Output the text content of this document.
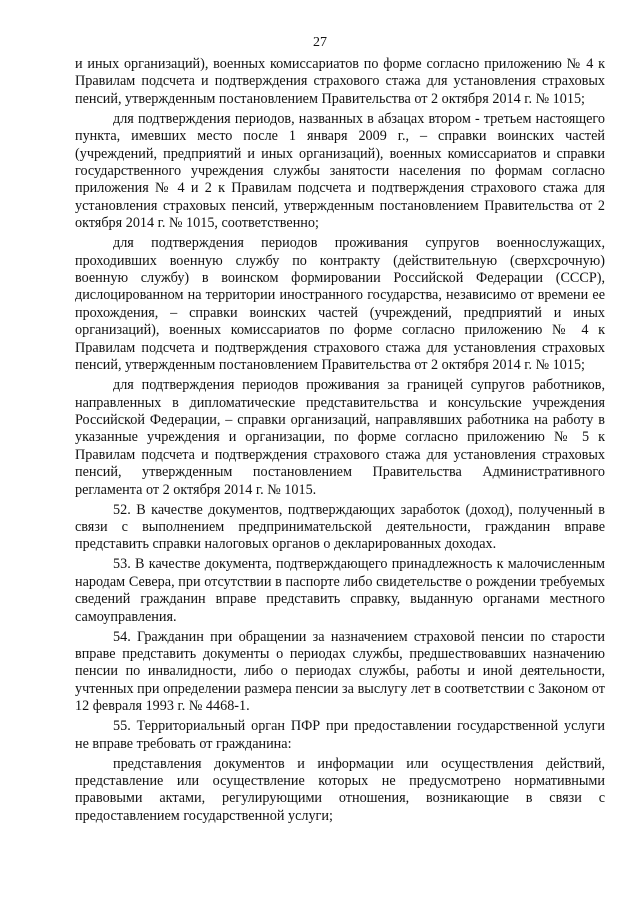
27

и иных организаций), военных комиссариатов по форме согласно приложению № 4 к Правилам подсчета и подтверждения страхового стажа для установления страховых пенсий, утвержденным постановлением Правительства от 2 октября 2014 г. № 1015;

для подтверждения периодов, названных в абзацах втором - третьем настоящего пункта, имевших место после 1 января 2009 г., – справки воинских частей (учреждений, предприятий и иных организаций), военных комиссариатов и справки государственного учреждения службы занятости населения по формам согласно приложения № 4 и 2 к Правилам подсчета и подтверждения страхового стажа для установления страховых пенсий, утвержденным постановлением Правительства от 2 октября 2014 г. № 1015, соответственно;

для подтверждения периодов проживания супругов военнослужащих, проходивших военную службу по контракту (действительную (сверхсрочную) военную службу) в воинском формировании Российской Федерации (СССР), дислоцированном на территории иностранного государства, независимо от времени ее прохождения, – справки воинских частей (учреждений, предприятий и иных организаций), военных комиссариатов по форме согласно приложению № 4 к Правилам подсчета и подтверждения страхового стажа для установления страховых пенсий, утвержденным постановлением Правительства от 2 октября 2014 г. № 1015;

для подтверждения периодов проживания за границей супругов работников, направленных в дипломатические представительства и консульские учреждения Российской Федерации, – справки организаций, направлявших работника на работу в указанные учреждения и организации, по форме согласно приложению № 5 к Правилам подсчета и подтверждения страхового стажа для установления страховых пенсий, утвержденным постановлением Правительства Административного регламента от 2 октября 2014 г. № 1015.

52. В качестве документов, подтверждающих заработок (доход), полученный в связи с выполнением предпринимательской деятельности, гражданин вправе представить справки налоговых органов о декларированных доходах.

53. В качестве документа, подтверждающего принадлежность к малочисленным народам Севера, при отсутствии в паспорте либо свидетельстве о рождении требуемых сведений гражданин вправе представить справку, выданную органами местного самоуправления.

54. Гражданин при обращении за назначением страховой пенсии по старости вправе представить документы о периодах службы, предшествовавших назначению пенсии по инвалидности, либо о периодах службы, работы и иной деятельности, учтенных при определении размера пенсии за выслугу лет в соответствии с Законом от 12 февраля 1993 г. № 4468-1.

55. Территориальный орган ПФР при предоставлении государственной услуги не вправе требовать от гражданина:

представления документов и информации или осуществления действий, представление или осуществление которых не предусмотрено нормативными правовыми актами, регулирующими отношения, возникающие в связи с предоставлением государственной услуги;
